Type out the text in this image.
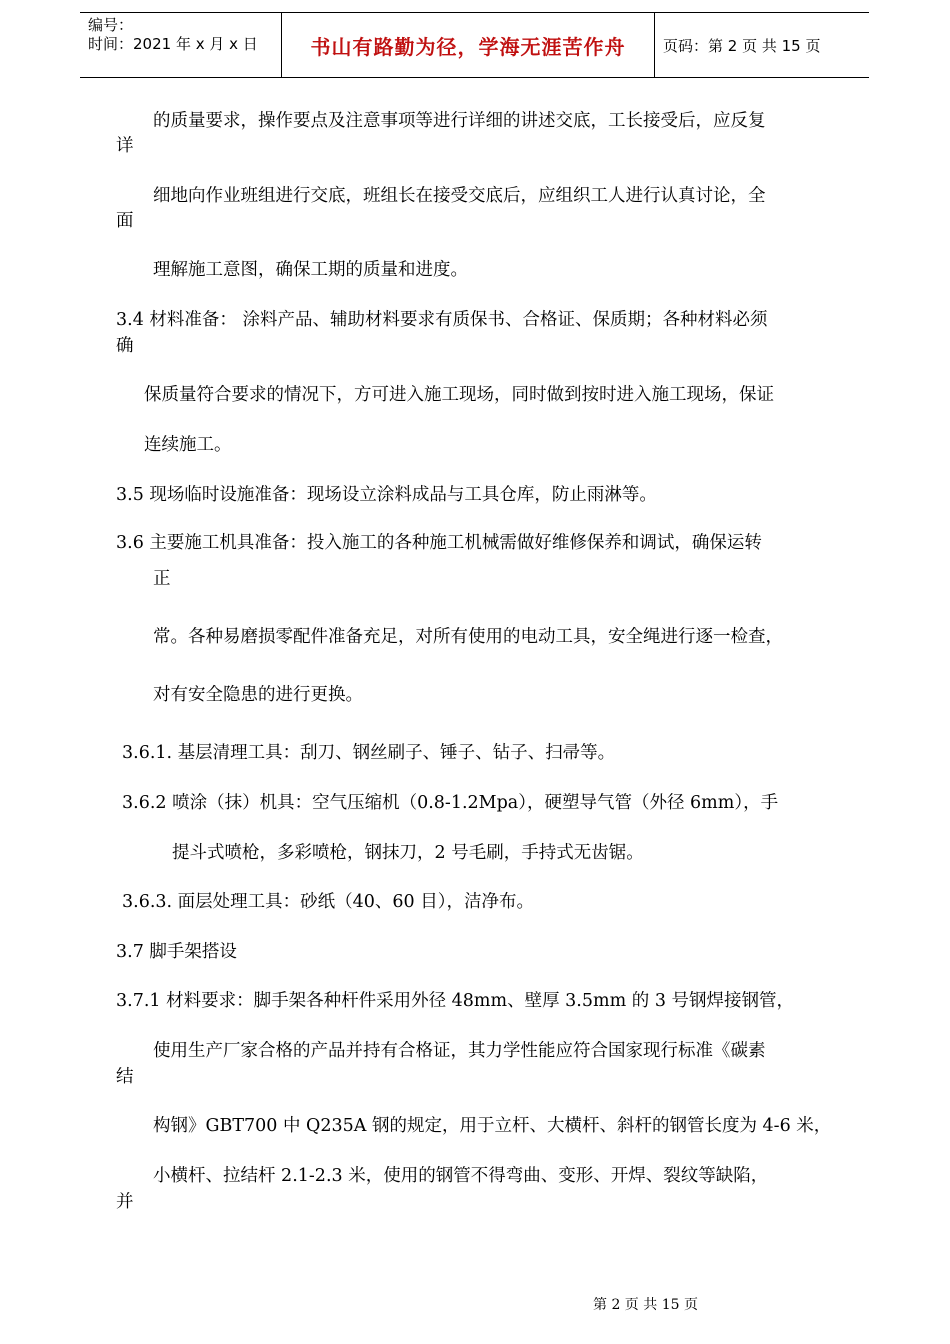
编号：
时间：2021 年 x 月 x 日	书山有路勤为径，学海无涯苦作舟	页码：第 2 页 共 15 页
的质量要求，操作要点及注意事项等进行详细的讲述交底，工长接受后，应反复
详
细地向作业班组进行交底，班组长在接受交底后，应组织工人进行认真讨论，全
面
理解施工意图，确保工期的质量和进度。
3.4 材料准备： 涂料产品、辅助材料要求有质保书、合格证、保质期；各种材料必须
确
保质量符合要求的情况下，方可进入施工现场，同时做到按时进入施工现场，保证
连续施工。
3.5 现场临时设施准备：现场设立涂料成品与工具仓库，防止雨淋等。
3.6 主要施工机具准备：投入施工的各种施工机械需做好维修保养和调试，确保运转
正
常。各种易磨损零配件准备充足，对所有使用的电动工具，安全绳进行逐一检查，
对有安全隐患的进行更换。
3.6.1. 基层清理工具：刮刀、钢丝刷子、锤子、钻子、扫帚等。
3.6.2 喷涂（抹）机具：空气压缩机（0.8-1.2Mpa），硬塑导气管（外径 6mm），手
提斗式喷枪，多彩喷枪，钢抹刀，2 号毛刷，手持式无齿锯。
3.6.3. 面层处理工具：砂纸（40、60 目），洁净布。
3.7 脚手架搭设
3.7.1 材料要求：脚手架各种杆件采用外径 48mm、壁厚 3.5mm 的 3 号钢焊接钢管，
使用生产厂家合格的产品并持有合格证，其力学性能应符合国家现行标准《碳素
结
构钢》GBT700 中 Q235A 钢的规定，用于立杆、大横杆、斜杆的钢管长度为 4-6 米，
小横杆、拉结杆 2.1-2.3 米，使用的钢管不得弯曲、变形、开焊、裂纹等缺陷，
并
第 2 页 共 15 页
